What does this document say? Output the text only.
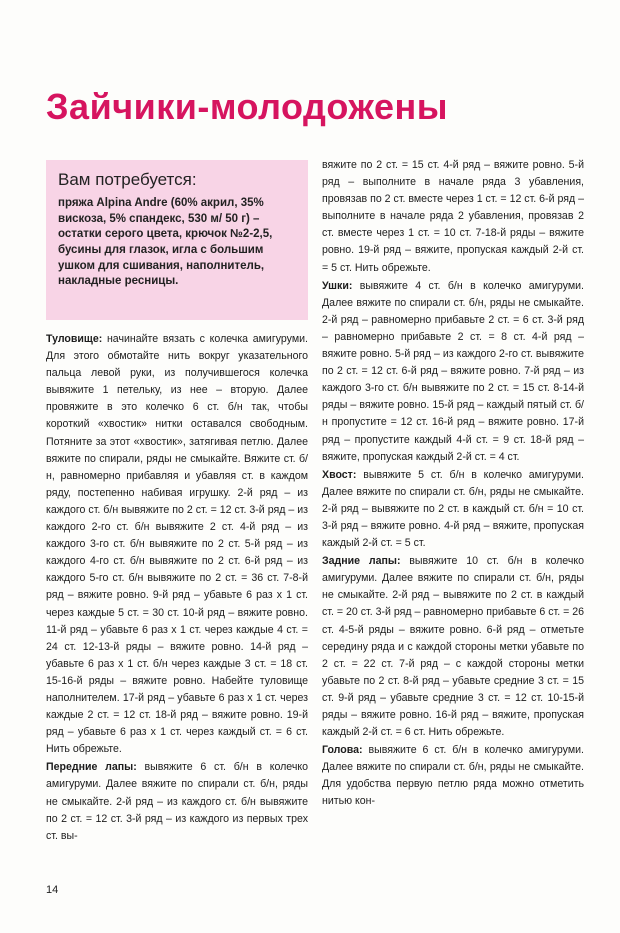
Зайчики-молодожены
Вам потребуется:
пряжа Alpina Andre (60% акрил, 35% вискоза, 5% спандекс, 530 м/ 50 г) – остатки серого цвета, крючок №2-2,5, бусины для глазок, игла с большим ушком для сшивания, наполнитель, накладные ресницы.

Туловище: начинайте вязать с колечка амигуруми. Для этого обмотайте нить вокруг указательного пальца левой руки, из получившегося колечка вывяжите 1 петельку, из нее – вторую. Далее провяжите в это колечко 6 ст. б/н так, чтобы короткий «хвостик» нитки оставался свободным. Потяните за этот «хвостик», затягивая петлю. Далее вяжите по спирали, ряды не смыкайте. Вяжите ст. б/н, равномерно прибавляя и убавляя ст. в каждом ряду, постепенно набивая игрушку. 2-й ряд – из каждого ст. б/н вывяжите по 2 ст. = 12 ст. 3-й ряд – из каждого 2-го ст. б/н вывяжите 2 ст. 4-й ряд – из каждого 3-го ст. б/н вывяжите по 2 ст. 5-й ряд – из каждого 4-го ст. б/н вывяжите по 2 ст. 6-й ряд – из каждого 5-го ст. б/н вывяжите по 2 ст. = 36 ст. 7-8-й ряд – вяжите ровно. 9-й ряд – убавьте 6 раз х 1 ст. через каждые 5 ст. = 30 ст. 10-й ряд – вяжите ровно. 11-й ряд – убавьте 6 раз х 1 ст. через каждые 4 ст. = 24 ст. 12-13-й ряды – вяжите ровно. 14-й ряд – убавьте 6 раз х 1 ст. б/н через каждые 3 ст. = 18 ст. 15-16-й ряды – вяжите ровно. Набейте туловище наполнителем. 17-й ряд – убавьте 6 раз х 1 ст. через каждые 2 ст. = 12 ст. 18-й ряд – вяжите ровно. 19-й ряд – убавьте 6 раз х 1 ст. через каждый ст. = 6 ст. Нить обрежьте.

Передние лапы: вывяжите 6 ст. б/н в колечко амигуруми. Далее вяжите по спирали ст. б/н, ряды не смыкайте. 2-й ряд – из каждого ст. б/н вывяжите по 2 ст. = 12 ст. 3-й ряд – из каждого из первых трех ст. вы-

вяжите по 2 ст. = 15 ст. 4-й ряд – вяжите ровно. 5-й ряд – выполните в начале ряда 3 убавления, провязав по 2 ст. вместе через 1 ст. = 12 ст. 6-й ряд – выполните в начале ряда 2 убавления, провязав 2 ст. вместе через 1 ст. = 10 ст. 7-18-й ряды – вяжите ровно. 19-й ряд – вяжите, пропуская каждый 2-й ст. = 5 ст. Нить обрежьте.

Ушки: вывяжите 4 ст. б/н в колечко амигуруми. Далее вяжите по спирали ст. б/н, ряды не смыкайте. 2-й ряд – равномерно прибавьте 2 ст. = 6 ст. 3-й ряд – равномерно прибавьте 2 ст. = 8 ст. 4-й ряд – вяжите ровно. 5-й ряд – из каждого 2-го ст. вывяжите по 2 ст. = 12 ст. 6-й ряд – вяжите ровно. 7-й ряд – из каждого 3-го ст. б/н вывяжите по 2 ст. = 15 ст. 8-14-й ряды – вяжите ровно. 15-й ряд – каждый пятый ст. б/н пропустите = 12 ст. 16-й ряд – вяжите ровно. 17-й ряд – пропустите каждый 4-й ст. = 9 ст. 18-й ряд – вяжите, пропуская каждый 2-й ст. = 4 ст.

Хвост: вывяжите 5 ст. б/н в колечко амигуруми. Далее вяжите по спирали ст. б/н, ряды не смыкайте. 2-й ряд – вывяжите по 2 ст. в каждый ст. б/н = 10 ст. 3-й ряд – вяжите ровно. 4-й ряд – вяжите, пропуская каждый 2-й ст. = 5 ст.

Задние лапы: вывяжите 10 ст. б/н в колечко амигуруми. Далее вяжите по спирали ст. б/н, ряды не смыкайте. 2-й ряд – вывяжите по 2 ст. в каждый ст. = 20 ст. 3-й ряд – равномерно прибавьте 6 ст. = 26 ст. 4-5-й ряды – вяжите ровно. 6-й ряд – отметьте середину ряда и с каждой стороны метки убавьте по 2 ст. = 22 ст. 7-й ряд – с каждой стороны метки убавьте по 2 ст. 8-й ряд – убавьте средние 3 ст. = 15 ст. 9-й ряд – убавьте средние 3 ст. = 12 ст. 10-15-й ряды – вяжите ровно. 16-й ряд – вяжите, пропуская каждый 2-й ст. = 6 ст. Нить обрежьте.

Голова: вывяжите 6 ст. б/н в колечко амигуруми. Далее вяжите по спирали ст. б/н, ряды не смыкайте. Для удобства первую петлю ряда можно отметить нитью кон-

14
